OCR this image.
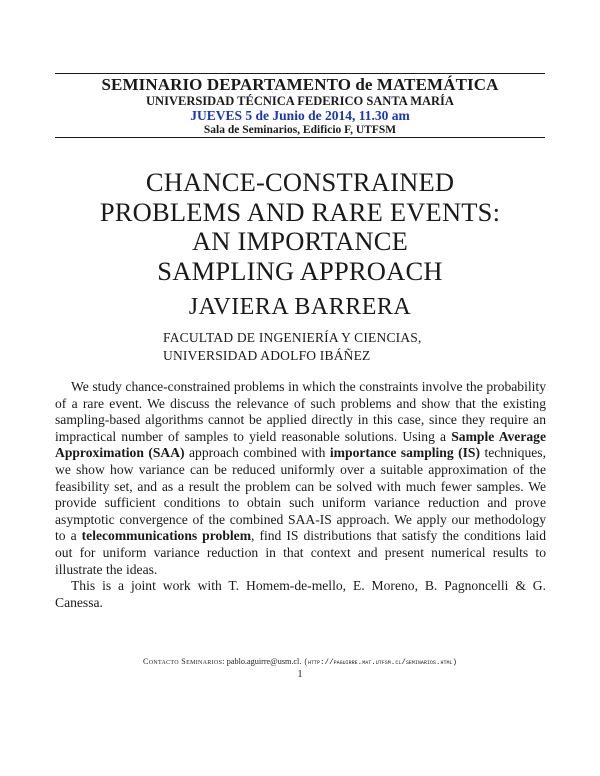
SEMINARIO DEPARTAMENTO de MATEMÁTICA
UNIVERSIDAD TÉCNICA FEDERICO SANTA MARÍA
JUEVES 5 de Junio de 2014, 11.30 am
Sala de Seminarios, Edificio F, UTFSM
CHANCE-CONSTRAINED
PROBLEMS AND RARE EVENTS:
AN IMPORTANCE
SAMPLING APPROACH
JAVIERA BARRERA
FACULTAD DE INGENIERÍA Y CIENCIAS,
UNIVERSIDAD ADOLFO IBÁÑEZ

We study chance-constrained problems in which the constraints involve the probability of a rare event. We discuss the relevance of such problems and show that the existing sampling-based algorithms cannot be applied directly in this case, since they require an impractical number of samples to yield reasonable solutions. Using a Sample Average Approximation (SAA) approach combined with importance sampling (IS) techniques, we show how variance can be reduced uniformly over a suitable approximation of the feasibility set, and as a result the problem can be solved with much fewer samples. We provide sufficient conditions to obtain such uniform variance reduction and prove asymptotic convergence of the combined SAA-IS approach. We apply our methodology to a telecommunications problem, find IS distributions that satisfy the conditions laid out for uniform variance reduction in that context and present numerical results to illustrate the ideas.

This is a joint work with T. Homem-de-mello, E. Moreno, B. Pagnoncelli & G. Canessa.

Contacto Seminarios: pablo.aguirre@usm.cl. (http://paguirre.mat.utfsm.cl/seminarios.html)
1
